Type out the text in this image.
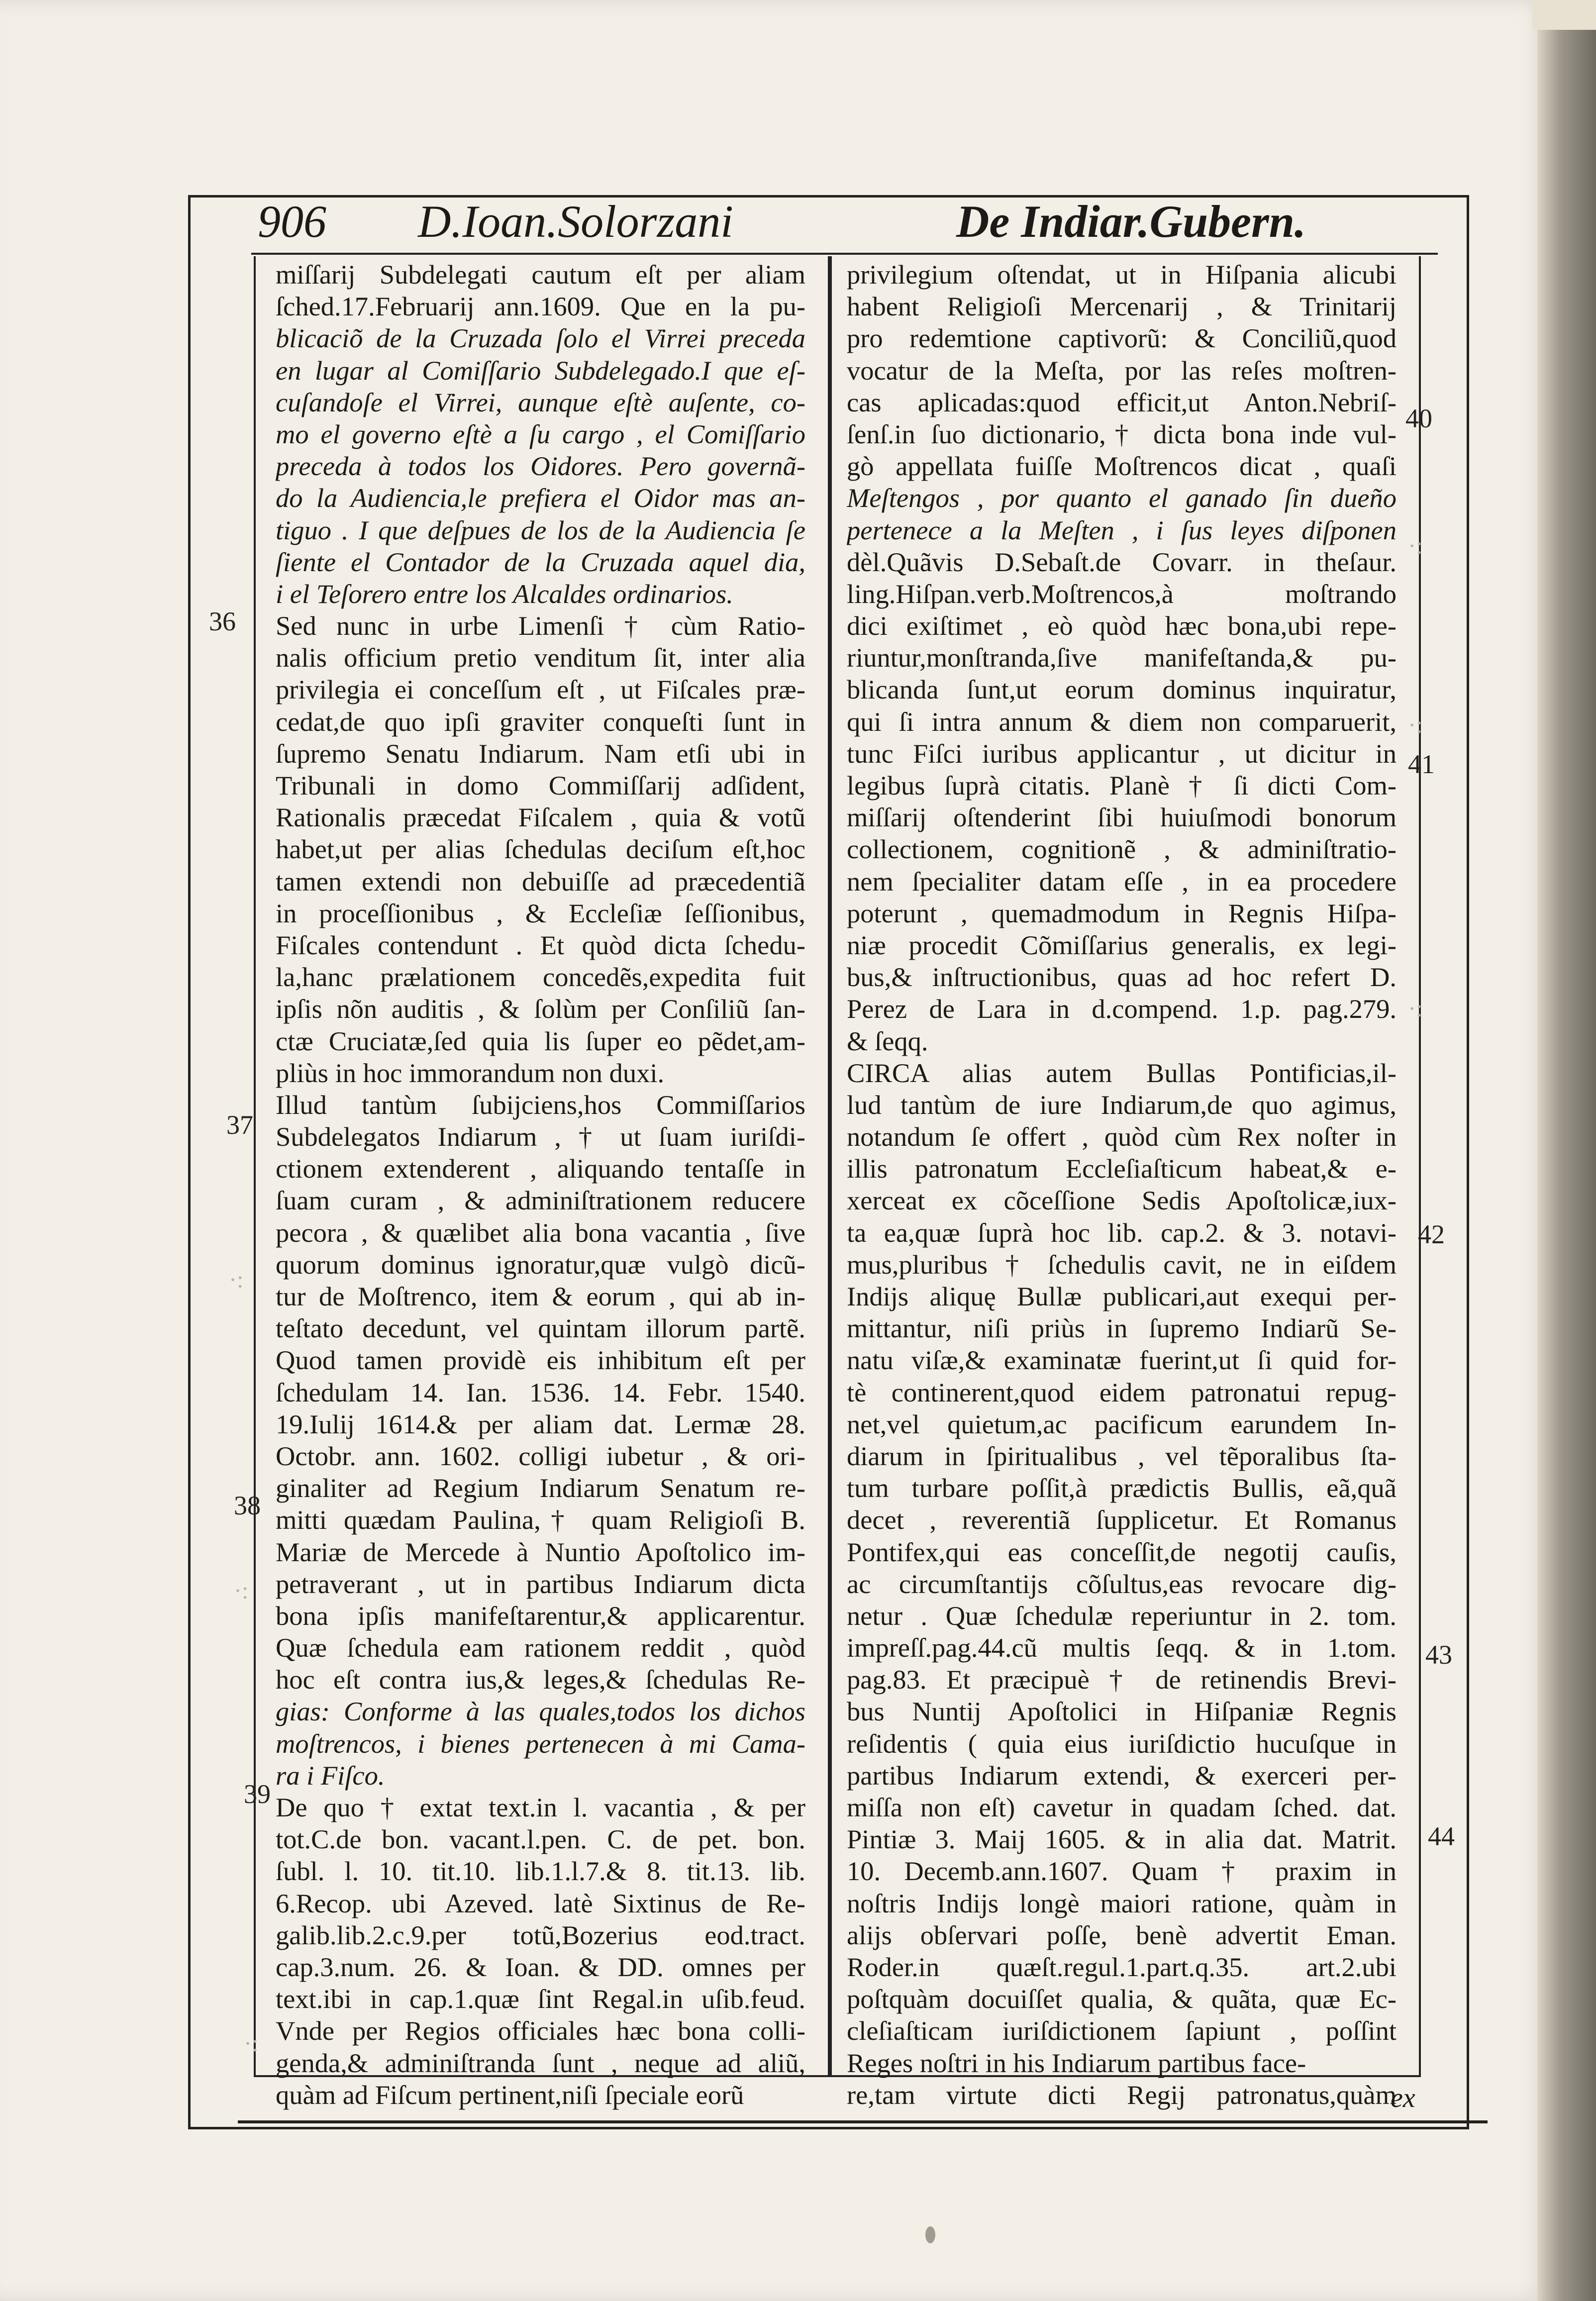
906 D.Ioan.Solorzani	De Indiar.Gubern.
miſſarij Subdelegati cautum eſt per aliam
ſched.17.Februarij ann.1609. Que en la pu-
blicaciõ de la Cruzada ſolo el Virrei preceda
en lugar al Comiſſario Subdelegado.I que eſ-
cuſandoſe el Virrei, aunque eſtè auſente, co-
mo el governo eſtè a ſu cargo , el Comiſſario
preceda à todos los Oidores. Pero governã-
do la Audiencia,le prefiera el Oidor mas an-
tiguo . I que deſpues de los de la Audiencia ſe
ſiente el Contador de la Cruzada aquel dia,
i el Teſorero entre los Alcaldes ordinarios.
Sed nunc in urbe Limenſi † cùm Ratio-
nalis officium pretio venditum ſit, inter alia
privilegia ei conceſſum eſt , ut Fiſcales præ-
cedat,de quo ipſi graviter conqueſti ſunt in
ſupremo Senatu Indiarum. Nam etſi ubi in
Tribunali in domo Commiſſarij adſident,
Rationalis præcedat Fiſcalem , quia & votũ
habet,ut per alias ſchedulas deciſum eſt,hoc
tamen extendi non debuiſſe ad præcedentiã
in proceſſionibus , & Eccleſiæ ſeſſionibus,
Fiſcales contendunt . Et quòd dicta ſchedu-
la,hanc prælationem concedẽs,expedita fuit
ipſis nõn auditis , & ſolùm per Conſiliũ ſan-
ctæ Cruciatæ,ſed quia lis ſuper eo pẽdet,am-
pliùs in hoc immorandum non duxi.
Illud tantùm ſubijciens,hos Commiſſarios
Subdelegatos Indiarum , † ut ſuam iuriſdi-
ctionem extenderent , aliquando tentaſſe in
ſuam curam , & adminiſtrationem reducere
pecora , & quælibet alia bona vacantia , ſive
quorum dominus ignoratur,quæ vulgò dicũ-
tur de Moſtrenco, item & eorum , qui ab in-
teſtato decedunt, vel quintam illorum partẽ.
Quod tamen providè eis inhibitum eſt per
ſchedulam 14. Ian. 1536. 14. Febr. 1540.
19.Iulij 1614.& per aliam dat. Lermæ 28.
Octobr. ann. 1602. colligi iubetur , & ori-
ginaliter ad Regium Indiarum Senatum re-
mitti quædam Paulina,† quam Religioſi B.
Mariæ de Mercede à Nuntio Apoſtolico im-
petraverant , ut in partibus Indiarum dicta
bona ipſis manifeſtarentur,& applicarentur.
Quæ ſchedula eam rationem reddit , quòd
hoc eſt contra ius,& leges,& ſchedulas Re-
gias: Conforme à las quales,todos los dichos
moſtrencos, i bienes pertenecen à mi Cama-
ra i Fiſco.
De quo † extat text.in l. vacantia , & per
tot.C.de bon. vacant.l.pen. C. de pet. bon.
ſubl. l. 10. tit.10. lib.1.l.7.& 8. tit.13. lib.
6.Recop. ubi Azeved. latè Sixtinus de Re-
galib.lib.2.c.9.per totũ,Bozerius eod.tract.
cap.3.num. 26. & Ioan. & DD. omnes per
text.ibi in cap.1.quæ ſint Regal.in uſib.feud.
Vnde per Regios officiales hæc bona colli-
genda,& adminiſtranda ſunt , neque ad aliũ,
quàm ad Fiſcum pertinent,niſi ſpeciale eorũ
privilegium oſtendat, ut in Hiſpania alicubi
habent Religioſi Mercenarij , & Trinitarij
pro redemtione captivorũ: & Conciliũ,quod
vocatur de la Meſta, por las reſes moſtren-
cas aplicadas:quod efficit,ut Anton.Nebriſ-
ſenſ.in ſuo dictionario,† dicta bona inde vul-
gò appellata fuiſſe Moſtrencos dicat , quaſi
Meſtengos , por quanto el ganado ſin dueño
pertenece a la Meſten , i ſus leyes diſponen
dèl.Quãvis D.Sebaſt.de Covarr. in theſaur.
ling.Hiſpan.verb.Moſtrencos,à moſtrando
dici exiſtimet , eò quòd hæc bona,ubi repe-
riuntur,monſtranda,ſive manifeſtanda,& pu-
blicanda ſunt,ut eorum dominus inquiratur,
qui ſi intra annum & diem non comparuerit,
tunc Fiſci iuribus applicantur , ut dicitur in
legibus ſuprà citatis. Planè † ſi dicti Com-
miſſarij oſtenderint ſibi huiuſmodi bonorum
collectionem, cognitionẽ , & adminiſtratio-
nem ſpecialiter datam eſſe , in ea procedere
poterunt , quemadmodum in Regnis Hiſpa-
niæ procedit Cõmiſſarius generalis, ex legi-
bus,& inſtructionibus, quas ad hoc refert D.
Perez de Lara in d.compend. 1.p. pag.279.
& ſeqq.
CIRCA alias autem Bullas Pontificias,il-
lud tantùm de iure Indiarum,de quo agimus,
notandum ſe offert , quòd cùm Rex noſter in
illis patronatum Eccleſiaſticum habeat,& e-
xerceat ex cõceſſione Sedis Apoſtolicæ,iux-
ta ea,quæ ſuprà hoc lib. cap.2. & 3. notavi-
mus,pluribus † ſchedulis cavit, ne in eiſdem
Indijs aliquę Bullæ publicari,aut exequi per-
mittantur, niſi priùs in ſupremo Indiarũ Se-
natu viſæ,& examinatæ fuerint,ut ſi quid for-
tè continerent,quod eidem patronatui repug-
net,vel quietum,ac pacificum earundem In-
diarum in ſpiritualibus , vel tẽporalibus ſta-
tum turbare poſſit,à prædictis Bullis, eã,quã
decet , reverentiã ſupplicetur. Et Romanus
Pontifex,qui eas conceſſit,de negotij cauſis,
ac circumſtantijs cõſultus,eas revocare dig-
netur . Quæ ſchedulæ reperiuntur in 2. tom.
impreſſ.pag.44.cũ multis ſeqq. & in 1.tom.
pag.83. Et præcipuè † de retinendis Brevi-
bus Nuntij Apoſtolici in Hiſpaniæ Regnis
reſidentis ( quia eius iuriſdictio hucuſque in
partibus Indiarum extendi, & exerceri per-
miſſa non eſt) cavetur in quadam ſched. dat.
Pintiæ 3. Maij 1605. & in alia dat. Matrit.
10. Decemb.ann.1607. Quam † praxim in
noſtris Indijs longè maiori ratione, quàm in
alijs obſervari poſſe, benè advertit Eman.
Roder.in quæſt.regul.1.part.q.35. art.2.ubi
poſtquàm docuiſſet qualia, & quãta, quæ Ec-
cleſiaſticam iuriſdictionem ſapiunt , poſſint
Reges noſtri in his Indiarum partibus face-
re,tam virtute dicti Regij patronatus,quàm
36
37
38
39
40
41
42
43
44
·:
·:
·:
·:
·:
·:
ex
